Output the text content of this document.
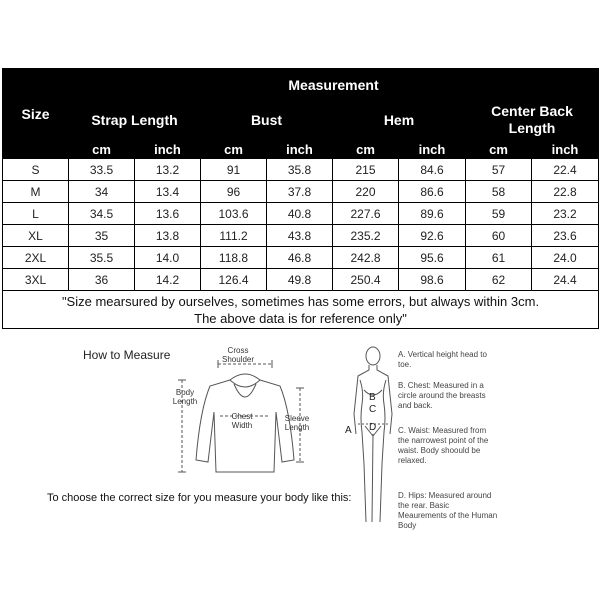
Size	Measurement							
	Strap Length		Bust		Hem		Center Back Length	
	cm	inch	cm	inch	cm	inch	cm	inch
S	33.5	13.2	91	35.8	215	84.6	57	22.4
M	34	13.4	96	37.8	220	86.6	58	22.8
L	34.5	13.6	103.6	40.8	227.6	89.6	59	23.2
XL	35	13.8	111.2	43.8	235.2	92.6	60	23.6
2XL	35.5	14.0	118.8	46.8	242.8	95.6	61	24.0
3XL	36	14.2	126.4	49.8	250.4	98.6	62	24.4

"Size mearsured by ourselves, sometimes has some errors, but always within 3cm.
The above data is for reference only"								
How to Measure	Cross Shoulder
Body Length
Chest Width
Sleeve Length
To choose the correct size for you measure your body like this:
A
B
C
D
A. Vertical height head to toe.
B. Chest: Measured in a circle around the breasts and back.
C. Waist: Measured from the narrowest point of the waist. Body shoould be relaxed.
D. Hips: Measured around the rear. Basic Meaurements of the Human Body
